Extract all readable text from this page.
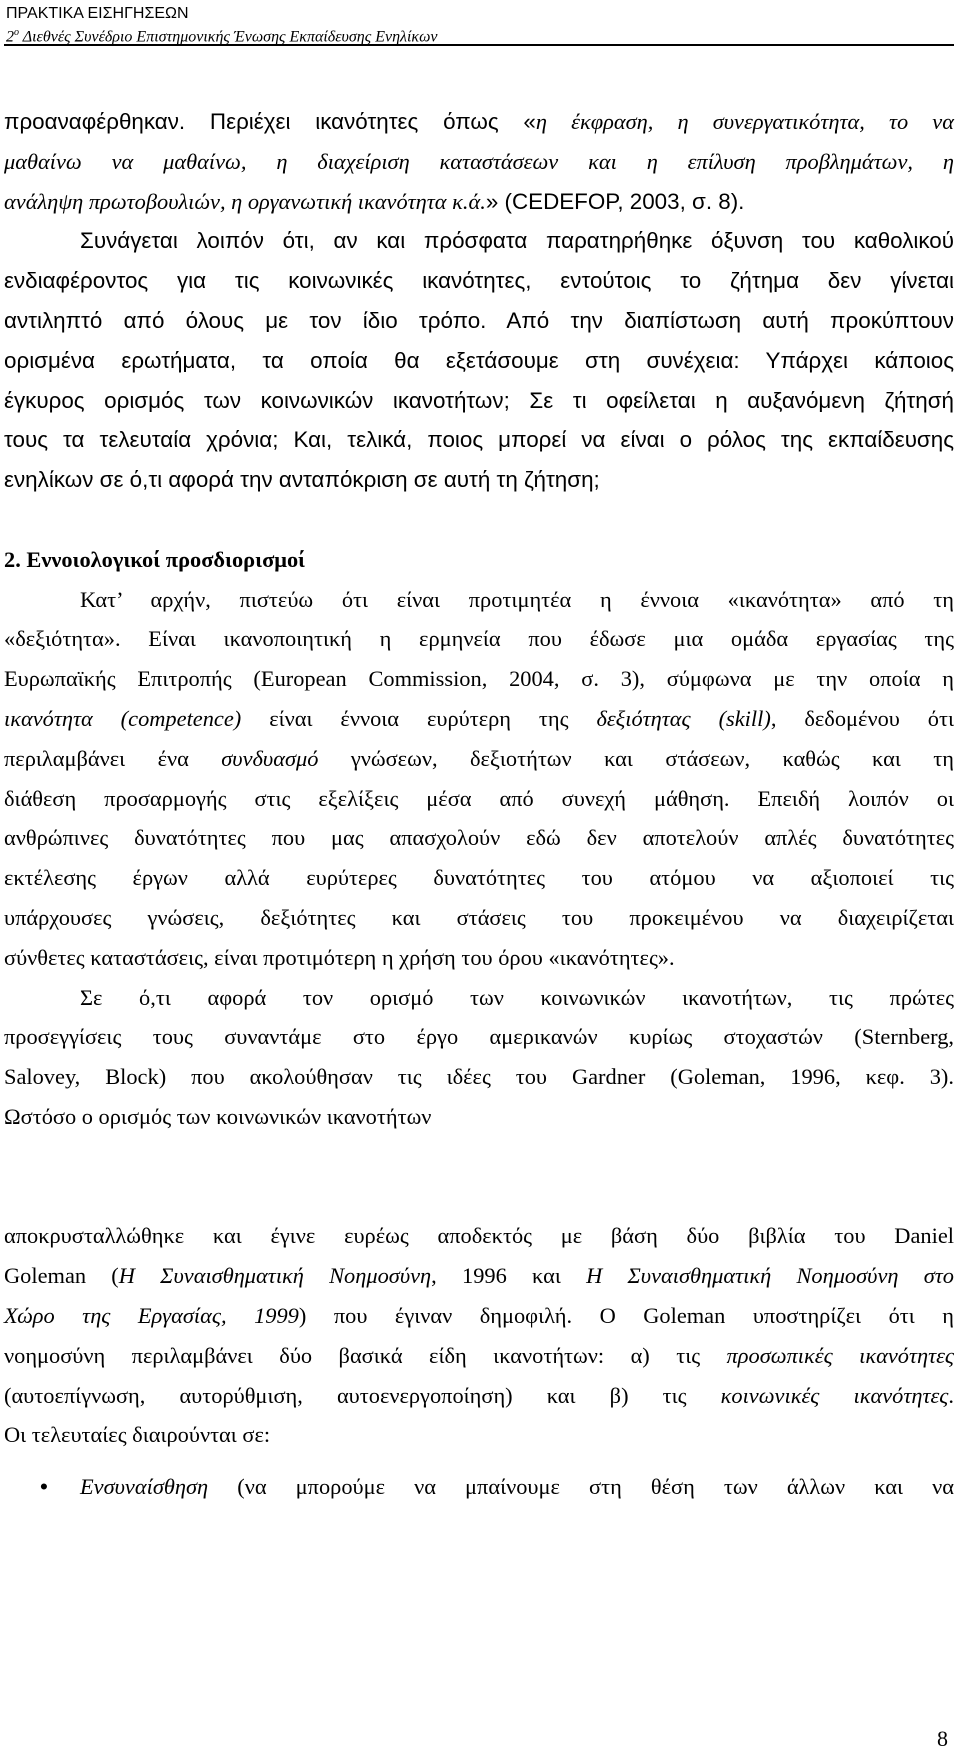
ΠΡΑΚΤΙΚΑ ΕΙΣΗΓΗΣΕΩΝ
$2^o$ Διεθνές Συνέδριο Επιστημονικής Ένωσης Εκπαίδευσης Ενηλίκων

προαναφέρθηκαν. Περιέχει ικανότητες όπως «η έκφραση, η συνεργατικότητα, το να

μαθαίνω να μαθαίνω, η διαχείριση καταστάσεων και η επίλυση προβλημάτων, η

ανάληψη πρωτοβουλιών, η οργανωτική ικανότητα κ.ά.» (CEDEFOP, 2003, σ. 8).

Συνάγεται λοιπόν ότι, αν και πρόσφατα παρατηρήθηκε όξυνση του καθολικού

ενδιαφέροντος για τις κοινωνικές ικανότητες, εντούτοις το ζήτημα δεν γίνεται

αντιληπτό από όλους με τον ίδιο τρόπο. Από την διαπίστωση αυτή προκύπτουν

ορισμένα ερωτήματα, τα οποία θα εξετάσουμε στη συνέχεια: Υπάρχει κάποιος

έγκυρος ορισμός των κοινωνικών ικανοτήτων; Σε τι οφείλεται η αυξανόμενη ζήτησή

τους τα τελευταία χρόνια; Και, τελικά, ποιος μπορεί να είναι ο ρόλος της εκπαίδευσης

ενηλίκων σε ό,τι αφορά την ανταπόκριση σε αυτή τη ζήτηση;

2. Εννοιολογικοί προσδιορισμοί

Κατ’ αρχήν, πιστεύω ότι είναι προτιμητέα η έννοια «ικανότητα» από τη

«δεξιότητα». Είναι ικανοποιητική η ερμηνεία που έδωσε μια ομάδα εργασίας της

Ευρωπαϊκής Επιτροπής (European Commission, 2004, σ. 3), σύμφωνα με την οποία η

ικανότητα (competence) είναι έννοια ευρύτερη της δεξιότητας (skill), δεδομένου ότι

περιλαμβάνει ένα συνδυασμό γνώσεων, δεξιοτήτων και στάσεων, καθώς και τη

διάθεση προσαρμογής στις εξελίξεις μέσα από συνεχή μάθηση. Επειδή λοιπόν οι

ανθρώπινες δυνατότητες που μας απασχολούν εδώ δεν αποτελούν απλές δυνατότητες

εκτέλεσης έργων αλλά ευρύτερες δυνατότητες του ατόμου να αξιοποιεί τις

υπάρχουσες γνώσεις, δεξιότητες και στάσεις του προκειμένου να διαχειρίζεται

σύνθετες καταστάσεις, είναι προτιμότερη η χρήση του όρου «ικανότητες».

Σε ό,τι αφορά τον ορισμό των κοινωνικών ικανοτήτων, τις πρώτες

προσεγγίσεις τους συναντάμε στο έργο αμερικανών κυρίως στοχαστών (Sternberg,

Salovey, Block) που ακολούθησαν τις ιδέες του Gardner (Goleman, 1996, κεφ. 3).

Ωστόσο ο ορισμός των κοινωνικών ικανοτήτων

αποκρυσταλλώθηκε και έγινε ευρέως αποδεκτός με βάση δύο βιβλία του Daniel

Goleman (Η Συναισθηματική Νοημοσύνη, 1996 και Η Συναισθηματική Νοημοσύνη στο

Χώρο της Εργασίας, 1999) που έγιναν δημοφιλή. Ο Goleman υποστηρίζει ότι η

νοημοσύνη περιλαμβάνει δύο βασικά είδη ικανοτήτων: α) τις προσωπικές ικανότητες

(αυτοεπίγνωση, αυτορύθμιση, αυτοενεργοποίηση) και β) τις κοινωνικές ικανότητες.

Οι τελευταίες διαιρούνται σε:

•	Ενσυναίσθηση (να μπορούμε να μπαίνουμε στη θέση των άλλων και να

8
